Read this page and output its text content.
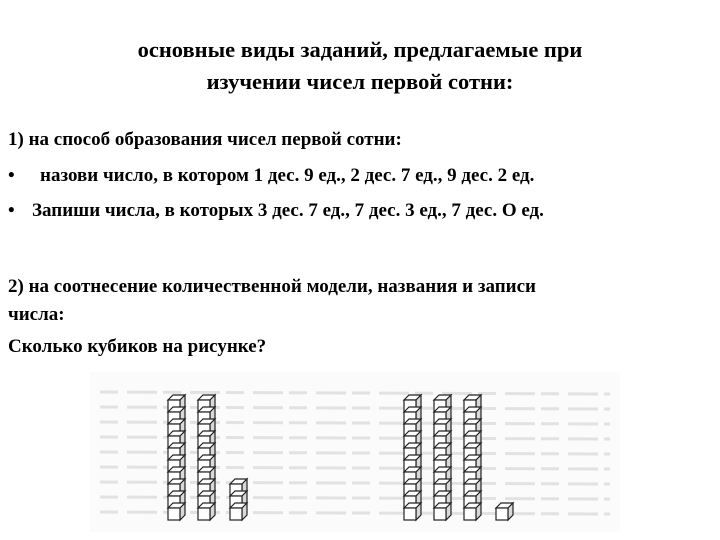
основные виды заданий, предлагаемые при
изучении чисел первой сотни:
1) на способ образования чисел первой сотни:
• назови число, в котором 1 дес. 9 ед., 2 дес. 7 ед., 9 дес. 2 ед.
• Запиши числа, в которых 3 дес. 7 ед., 7 дес. 3 ед., 7 дес. О ед.
2) на соотнесение количественной модели, названия и записи
числа:
Сколько кубиков на рисунке?
